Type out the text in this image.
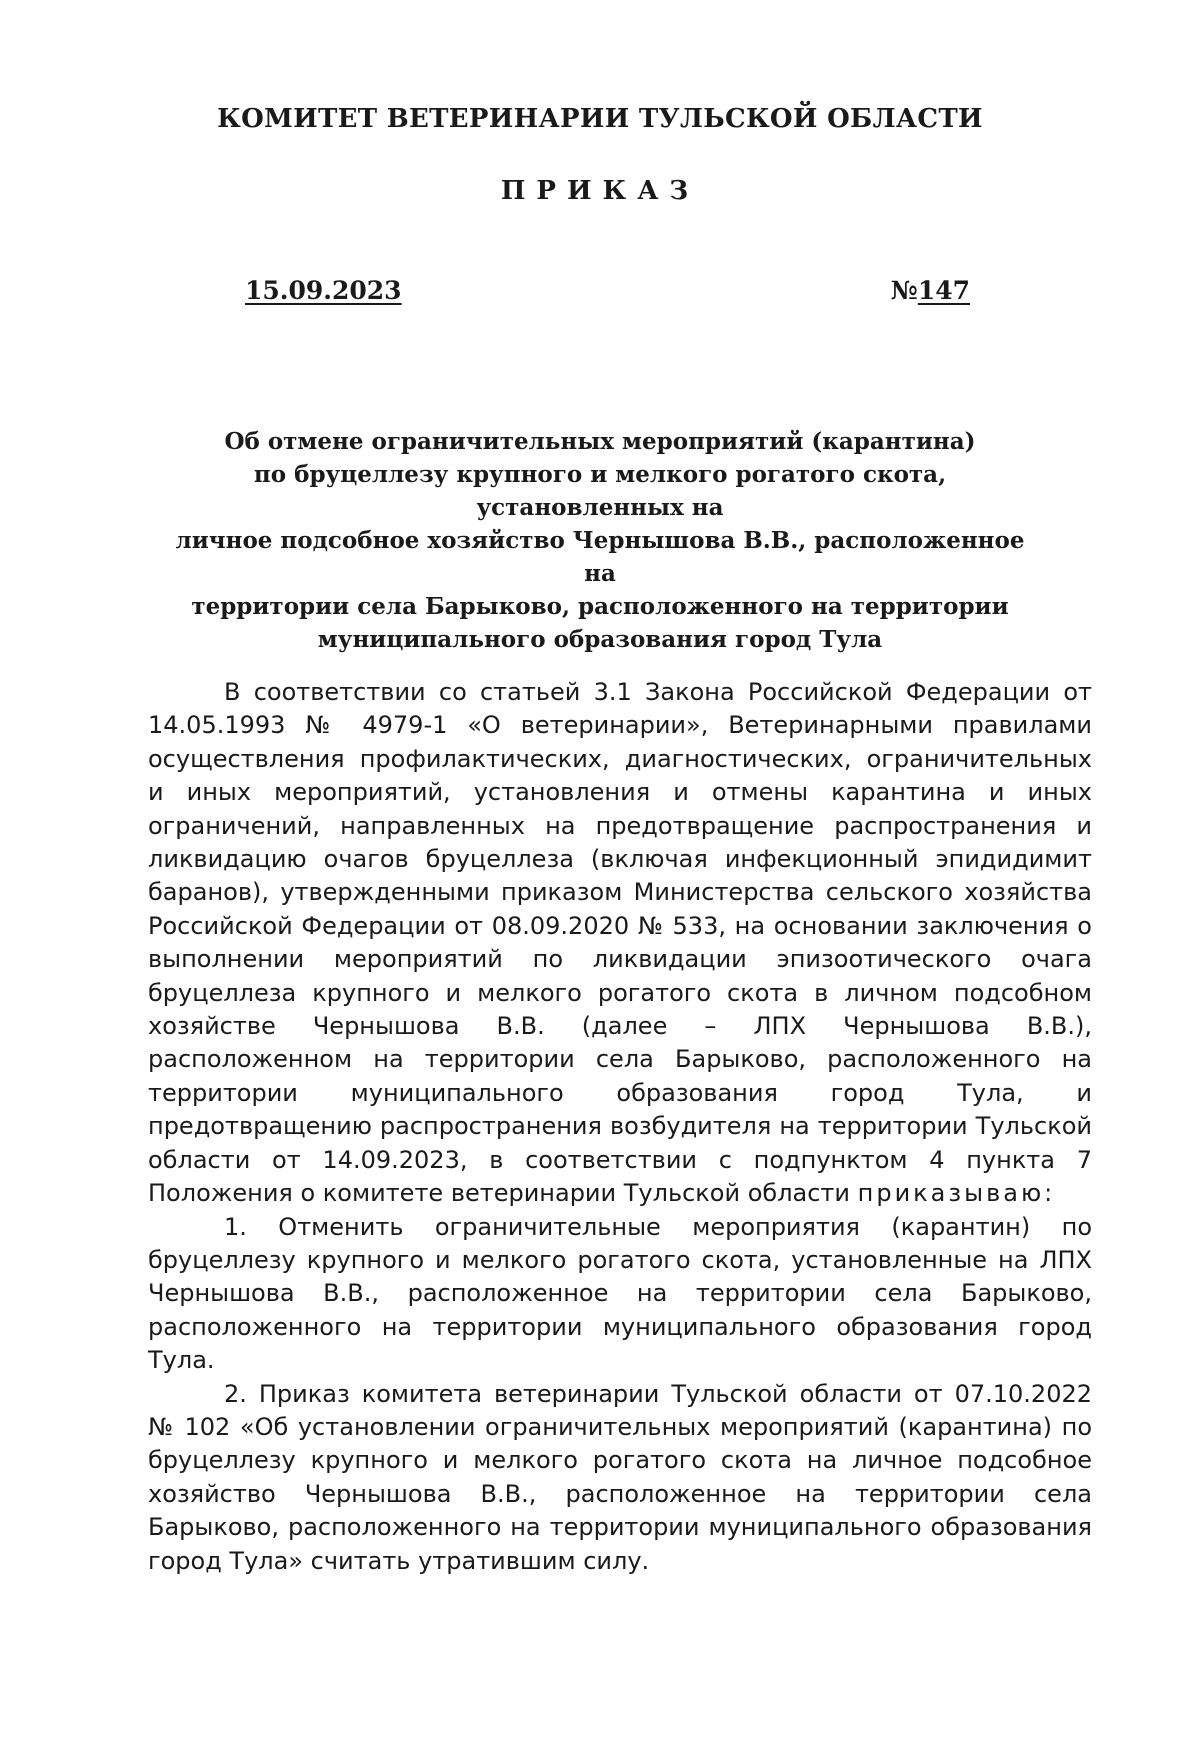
КОМИТЕТ ВЕТЕРИНАРИИ ТУЛЬСКОЙ ОБЛАСТИ
ПРИКАЗ
15.09.2023	№147
Об отмене ограничительных мероприятий (карантина)
по бруцеллезу крупного и мелкого рогатого скота, установленных на
личное подсобное хозяйство Чернышова В.В., расположенное на
территории села Барыково, расположенного на территории
муниципального образования город Тула

В соответствии со статьей 3.1 Закона Российской Федерации от 14.05.1993 № 4979-1 «О ветеринарии», Ветеринарными правилами осуществления профилактических, диагностических, ограничительных и иных мероприятий, установления и отмены карантина и иных ограничений, направленных на предотвращение распространения и ликвидацию очагов бруцеллеза (включая инфекционный эпидидимит баранов), утвержденными приказом Министерства сельского хозяйства Российской Федерации от 08.09.2020 № 533, на основании заключения о выполнении мероприятий по ликвидации эпизоотического очага бруцеллеза крупного и мелкого рогатого скота в личном подсобном хозяйстве Чернышова В.В. (далее – ЛПХ Чернышова В.В.), расположенном на территории села Барыково, расположенного на территории муниципального образования город Тула, и предотвращению распространения возбудителя на территории Тульской области от 14.09.2023, в соответствии с подпунктом 4 пункта 7 Положения о комитете ветеринарии Тульской области приказываю:

1. Отменить ограничительные мероприятия (карантин) по бруцеллезу крупного и мелкого рогатого скота, установленные на ЛПХ Чернышова В.В., расположенное на территории села Барыково, расположенного на территории муниципального образования город Тула.

2. Приказ комитета ветеринарии Тульской области от 07.10.2022 № 102 «Об установлении ограничительных мероприятий (карантина) по бруцеллезу крупного и мелкого рогатого скота на личное подсобное хозяйство Чернышова В.В., расположенное на территории села Барыково, расположенного на территории муниципального образования город Тула» считать утратившим силу.
